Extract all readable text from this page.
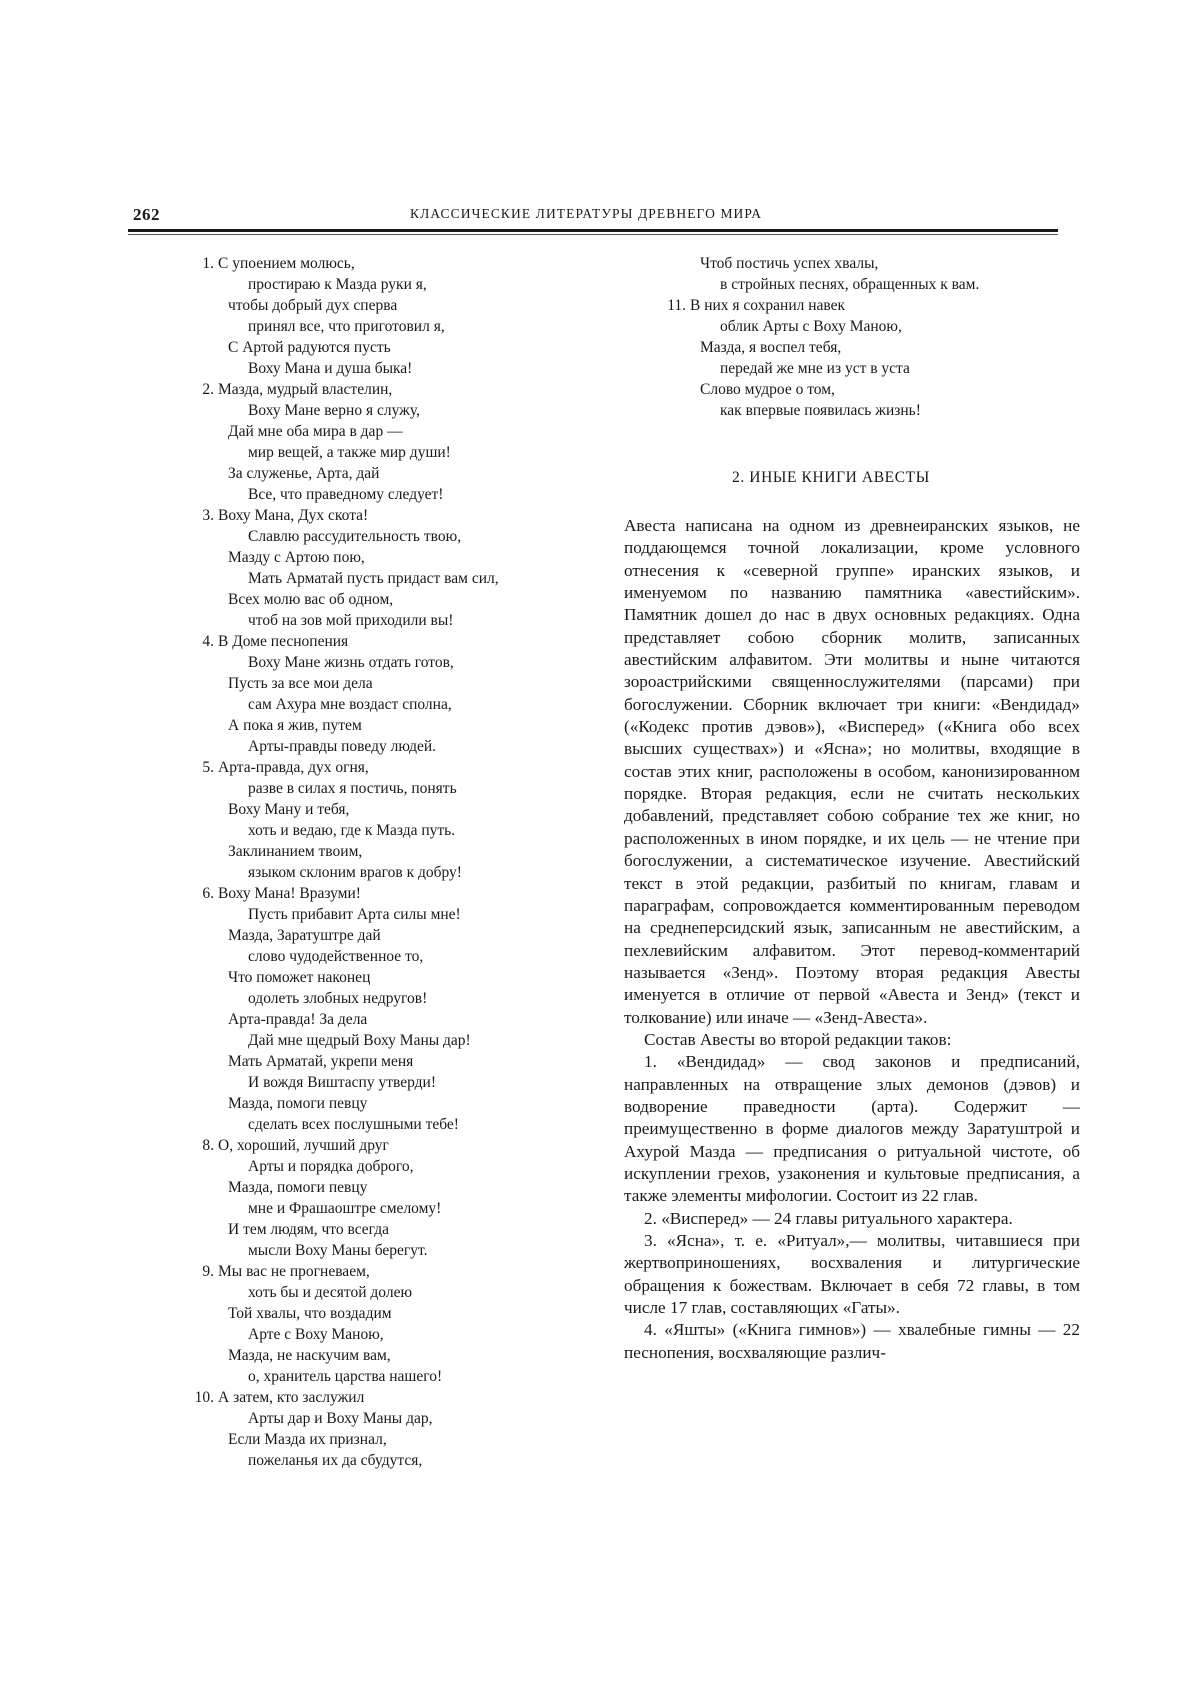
262	КЛАССИЧЕСКИЕ ЛИТЕРАТУРЫ ДРЕВНЕГО МИРА
1. С упоением молюсь,
простираю к Мазда руки я,
чтобы добрый дух сперва
принял все, что приготовил я,
С Артой радуются пусть
Воху Мана и душа быка!
2. Мазда, мудрый властелин,
Воху Мане верно я служу,
Дай мне оба мира в дар —
мир вещей, а также мир души!
За служенье, Арта, дай
Все, что праведному следует!
3. Воху Мана, Дух скота!
Славлю рассудительность твою,
Мазду с Артою пою,
Мать Арматай пусть придаст вам сил,
Всех молю вас об одном,
чтоб на зов мой приходили вы!
4. В Доме песнопения
Воху Мане жизнь отдать готов,
Пусть за все мои дела
сам Ахура мне воздаст сполна,
А пока я жив, путем
Арты-правды поведу людей.
5. Арта-правда, дух огня,
разве в силах я постичь, понять
Воху Ману и тебя,
хоть и ведаю, где к Мазда путь.
Заклинанием твоим,
языком склоним врагов к добру!
6. Воху Мана! Вразуми!
Пусть прибавит Арта силы мне!
Мазда, Заратуштре дай
слово чудодейственное то,
Что поможет наконец
одолеть злобных недругов!
Арта-правда! За дела
Дай мне щедрый Воху Маны дар!
Мать Арматай, укрепи меня
И вождя Виштаспу утверди!
Мазда, помоги певцу
сделать всех послушными тебе!
8. О, хороший, лучший друг
Арты и порядка доброго,
Мазда, помоги певцу
мне и Фрашаоштре смелому!
И тем людям, что всегда
мысли Воху Маны берегут.
9. Мы вас не прогневаем,
хоть бы и десятой долею
Той хвалы, что воздадим
Арте с Воху Манoю,
Мазда, не наскучим вам,
о, хранитель царства нашего!
10. А затем, кто заслужил
Арты дар и Воху Маны дар,
Если Мазда их признал,
пожеланья их да сбудутся,
Чтоб постичь успех хвалы,
в стройных песнях, обращенных к вам.
11. В них я сохранил навек
облик Арты с Воху Манoю,
Мазда, я воспел тебя,
передай же мне из уст в уста
Слово мудрое о том,
как впервые появилась жизнь!
2. ИНЫЕ КНИГИ АВЕСТЫ

Авеста написана на одном из древнеиранских языков, не поддающемся точной локализации, кроме условного отнесения к «северной группе» иранских языков, и именуемом по названию памятника «авестийским». Памятник дошел до нас в двух основных редакциях. Одна представляет собою сборник молитв, записанных авестийским алфавитом. Эти молитвы и ныне читаются зороастрийскими священнослужителями (парсами) при богослужении. Сборник включает три книги: «Вендидад» («Кодекс против дэвов»), «Висперед» («Книга обо всех высших существах») и «Ясна»; но молитвы, входящие в состав этих книг, расположены в особом, канонизированном порядке. Вторая редакция, если не считать нескольких добавлений, представляет собою собрание тех же книг, но расположенных в ином порядке, и их цель — не чтение при богослужении, а систематическое изучение. Авестийский текст в этой редакции, разбитый по книгам, главам и параграфам, сопровождается комментированным переводом на среднеперсидский язык, записанным не авестийским, а пехлевийским алфавитом. Этот перевод-комментарий называется «Зенд». Поэтому вторая редакция Авесты именуется в отличие от первой «Авеста и Зенд» (текст и толкование) или иначе — «Зенд-Авеста».

Состав Авесты во второй редакции таков:

1. «Вендидад» — свод законов и предписаний, направленных на отвращение злых демонов (дэвов) и водворение праведности (арта). Содержит — преимущественно в форме диалогов между Заратуштрой и Ахурой Мазда — предписания о ритуальной чистоте, об искуплении грехов, узаконения и культовые предписания, а также элементы мифологии. Состоит из 22 глав.

2. «Висперед» — 24 главы ритуального характера.

3. «Ясна», т. е. «Ритуал»,— молитвы, читавшиеся при жертвоприношениях, восхваления и литургические обращения к божествам. Включает в себя 72 главы, в том числе 17 глав, составляющих «Гаты».

4. «Яшты» («Книга гимнов») — хвалебные гимны — 22 песнопения, восхваляющие различ-
